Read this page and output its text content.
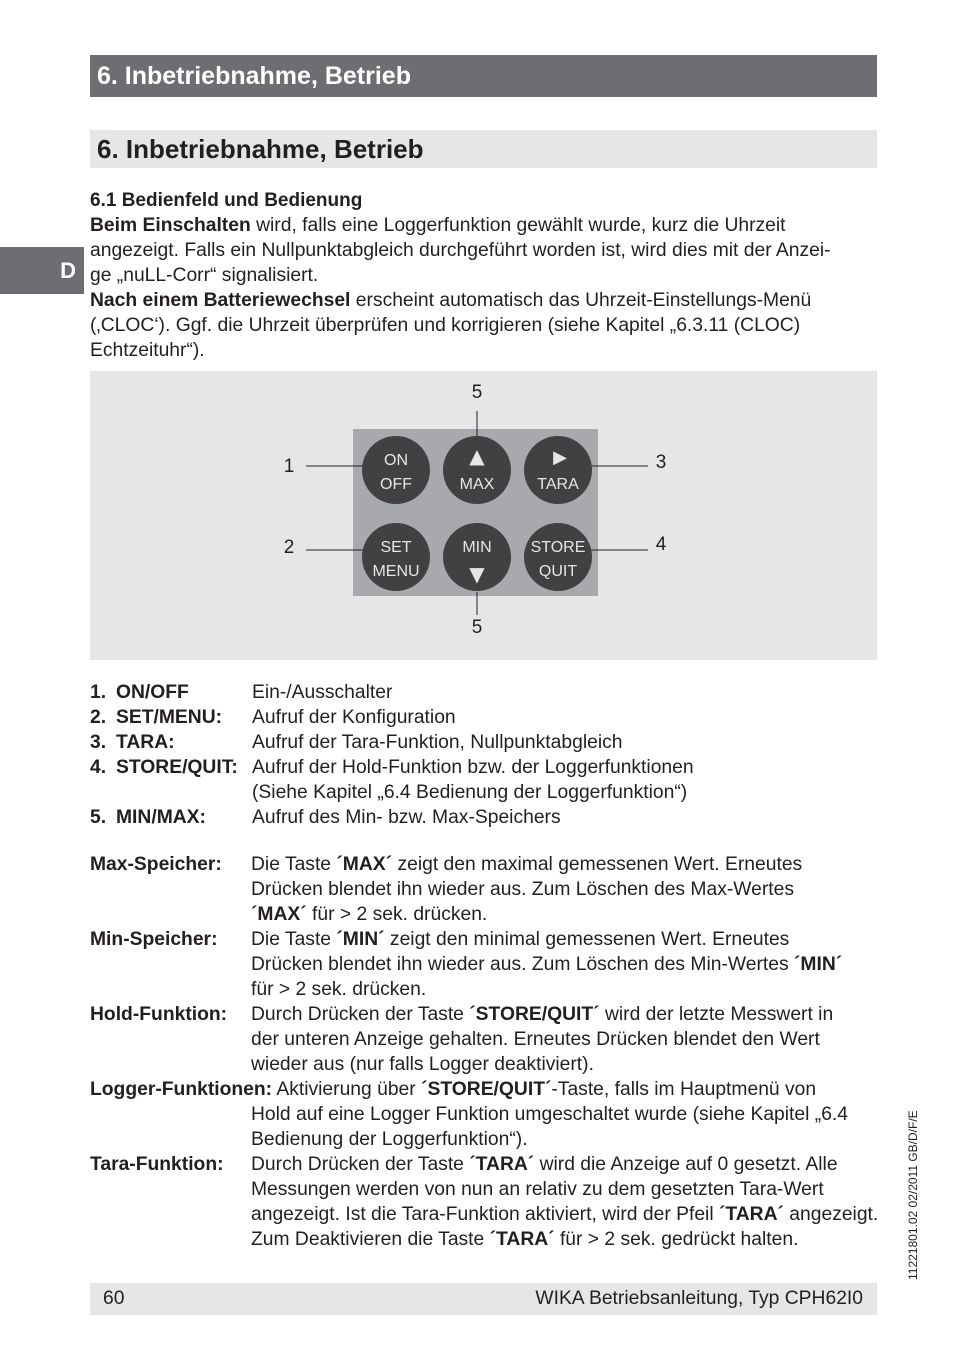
6. Inbetriebnahme, Betrieb
6. Inbetriebnahme, Betrieb
D
6.1 Bedienfeld und Bedienung
Beim Einschalten wird, falls eine Loggerfunktion gewählt wurde, kurz die Uhrzeit
angezeigt. Falls ein Nullpunktabgleich durchgeführt worden ist, wird dies mit der Anzei-
ge „nuLL-Corr“ signalisiert.
Nach einem Batteriewechsel erscheint automatisch das Uhrzeit-Einstellungs-Menü
(‚CLOC‘). Ggf. die Uhrzeit überprüfen und korrigieren (siehe Kapitel „6.3.11 (CLOC)
Echtzeituhr“).
ON
OFF
▲
MAX
▶
TARA
SET
MENU
MIN
▼
STORE
QUIT
1
2
3
4
5
5
1. ON/OFF	Ein-/Ausschalter
2. SET/MENU:	Aufruf der Konfiguration
3. TARA:	Aufruf der Tara-Funktion, Nullpunktabgleich
4. STORE/QUIT: Aufruf der Hold-Funktion bzw. der Loggerfunktionen
(Siehe Kapitel „6.4 Bedienung der Loggerfunktion“)
5. MIN/MAX:	Aufruf des Min- bzw. Max-Speichers
Max-Speicher: Die Taste ´MAX´ zeigt den maximal gemessenen Wert. Erneutes
Drücken blendet ihn wieder aus. Zum Löschen des Max-Wertes
´MAX´ für > 2 sek. drücken.
Min-Speicher: Die Taste ´MIN´ zeigt den minimal gemessenen Wert. Erneutes
Drücken blendet ihn wieder aus. Zum Löschen des Min-Wertes ´MIN´
für > 2 sek. drücken.
Hold-Funktion: Durch Drücken der Taste ´STORE/QUIT´ wird der letzte Messwert in
der unteren Anzeige gehalten. Erneutes Drücken blendet den Wert
wieder aus (nur falls Logger deaktiviert).
Logger-Funktionen: Aktivierung über ´STORE/QUIT´-Taste, falls im Hauptmenü von
Hold auf eine Logger Funktion umgeschaltet wurde (siehe Kapitel „6.4
Bedienung der Loggerfunktion“).
Tara-Funktion: Durch Drücken der Taste ´TARA´ wird die Anzeige auf 0 gesetzt. Alle
Messungen werden von nun an relativ zu dem gesetzten Tara-Wert
angezeigt. Ist die Tara-Funktion aktiviert, wird der Pfeil ´TARA´ angezeigt.
Zum Deaktivieren die Taste ´TARA´ für > 2 sek. gedrückt halten.
60	WIKA Betriebsanleitung, Typ CPH62I0
11221801.02 02/2011 GB/D/F/E
